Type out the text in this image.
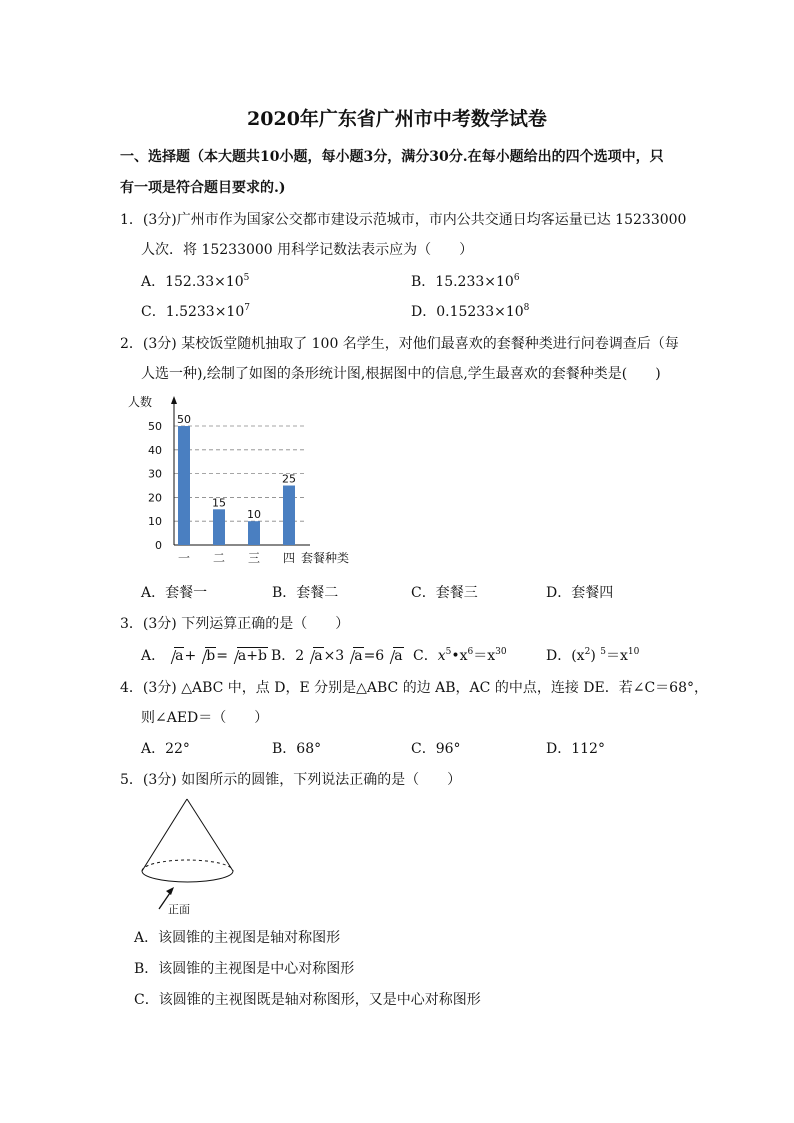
2020年广东省广州市中考数学试卷
一、选择题（本大题共10小题，每小题3分，满分30分.在每小题给出的四个选项中，只
有一项是符合题目要求的.)
1．(3分)广州市作为国家公交都市建设示范城市，市内公共交通日均客运量已达 15233000
人次．将 15233000 用科学记数法表示应为（　　）
A．$152.33\times 10^5$	B．$15.233\times 10^6$
C．$1.5233\times 10^7$	D．$0.15233\times 10^8$
2．(3分) 某校饭堂随机抽取了 100 名学生，对他们最喜欢的套餐种类进行问卷调查后（每
人选一种),绘制了如图的条形统计图,根据图中的信息,学生最喜欢的套餐种类是(　　)
0
10
20
30
40
50
人数
50
一
15
二
10
三
25
四 套餐种类
A．套餐一	B．套餐二	C．套餐三	D．套餐四
3．(3分) 下列运算正确的是（　　）
A． a+ b= a+b B．2 a×3 a=6 a C．$x^5•x^6=x^{30}$	D．$(x^2)$ $^5=x^{10}$
4．(3分) △ABC 中，点 D，E 分别是△ABC 的边 AB，AC 的中点，连接 DE．若∠C＝68°，
则∠AED＝（　　）
A．22°	B．68°	C．96°	D．112°
5．(3分) 如图所示的圆锥，下列说法正确的是（　　）
正面
A．该圆锥的主视图是轴对称图形
B．该圆锥的主视图是中心对称图形
C．该圆锥的主视图既是轴对称图形，又是中心对称图形
